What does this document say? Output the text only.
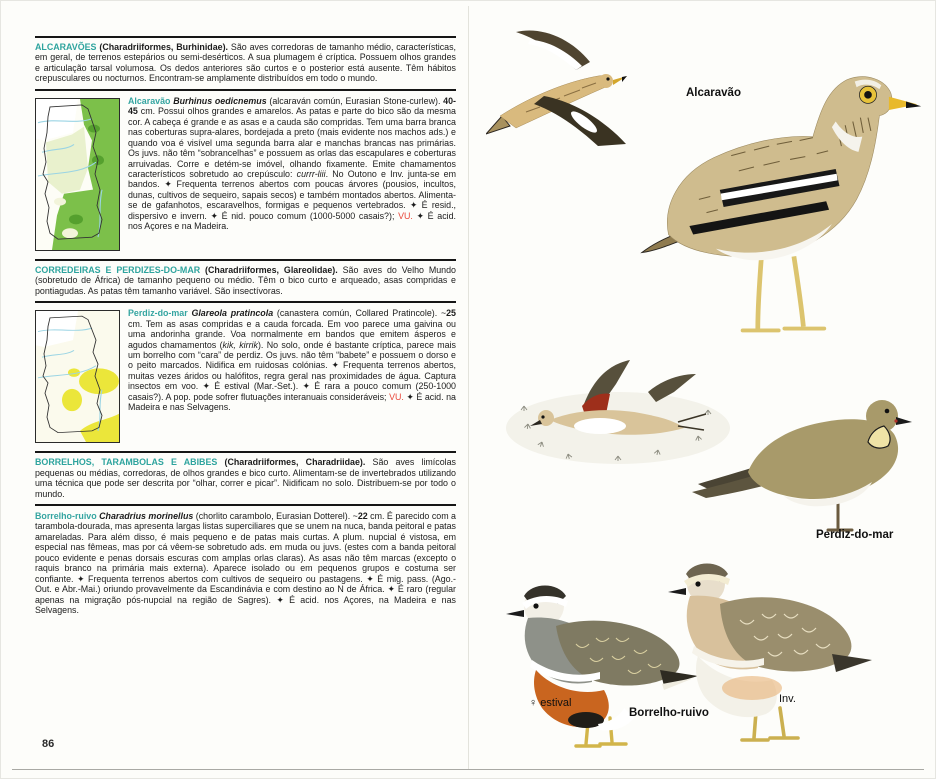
ALCARAVÕES (Charadriiformes, Burhinidae). São aves corredoras de tamanho médio, características, em geral, de terrenos estepários ou semi-desérticos. A sua plumagem é críptica. Possuem olhos grandes e articulação tarsal volumosa. Os dedos anteriores são curtos e o posterior está ausente. Têm hábitos crepusculares ou nocturnos. Encontram-se amplamente distribuídos em todo o mundo.

Alcaravão Burhinus oedicnemus (alcaraván común, Eurasian Stone-curlew). 40-45 cm. Possui olhos grandes e amarelos. As patas e parte do bico são da mesma cor. A cabeça é grande e as asas e a cauda são compridas. Tem uma barra branca nas coberturas supra-alares, bordejada a preto (mais evidente nos machos ads.) e quando voa é visível uma segunda barra alar e manchas brancas nas primárias. Os juvs. não têm “sobrancelhas” e possuem as orlas das escapulares e coberturas arruivadas. Corre e detém-se imóvel, olhando fixamente. Emite chamamentos característicos sobretudo ao crepúsculo: currr-liii. No Outono e Inv. junta-se em bandos. ✦ Frequenta terrenos abertos com poucas árvores (pousios, incultos, dunas, cultivos de sequeiro, sapais secos) e também montados abertos. Alimenta-se de gafanhotos, escaravelhos, formigas e pequenos vertebrados. ✦ É resid., dispersivo e invern. ✦ É nid. pouco comum (1000-5000 casais?); VU. ✦ É acid. nos Açores e na Madeira.

CORREDEIRAS E PERDIZES-DO-MAR (Charadriiformes, Glareolidae). São aves do Velho Mundo (sobretudo de África) de tamanho pequeno ou médio. Têm o bico curto e arqueado, asas compridas e pontiagudas. As patas têm tamanho variável. São insectívoras.

Perdiz-do-mar Glareola pratincola (canastera común, Collared Pratincole). ~25 cm. Tem as asas compridas e a cauda forcada. Em voo parece uma gaivina ou uma andorinha grande. Voa normalmente em bandos que emitem ásperos e agudos chamamentos (kik, kirrik). No solo, onde é bastante críptica, parece mais um borrelho com “cara” de perdiz. Os juvs. não têm “babete” e possuem o dorso e o peito marcados. Nidifica em ruidosas colónias. ✦ Frequenta terrenos abertos, muitas vezes áridos ou halófitos, regra geral nas proximidades de água. Captura insectos em voo. ✦ É estival (Mar.-Set.). ✦ É rara a pouco comum (250-1000 casais?). A pop. pode sofrer flutuações interanuais consideráveis; VU. ✦ É acid. na Madeira e nas Selvagens.

BORRELHOS, TARAMBOLAS E ABIBES (Charadriiformes, Charadriidae). São aves limícolas pequenas ou médias, corredoras, de olhos grandes e bico curto. Alimentam-se de invertebrados utilizando uma técnica que pode ser descrita por “olhar, correr e picar”. Nidificam no solo. Distribuem-se por todo o mundo.

Borrelho-ruivo Charadrius morinellus (chorlito carambolo, Eurasian Dotterel). ~22 cm. É parecido com a tarambola-dourada, mas apresenta largas listas superciliares que se unem na nuca, banda peitoral e patas amareladas. Para além disso, é mais pequeno e de patas mais curtas. A plum. nupcial é vistosa, em especial nas fêmeas, mas por cá vêem-se sobretudo ads. em muda ou juvs. (estes com a banda peitoral pouco evidente e penas dorsais escuras com amplas orlas claras). As asas não têm marcas (excepto o raquis branco na primária mais externa). Aparece isolado ou em pequenos grupos e costuma ser confiante. ✦ Frequenta terrenos abertos com cultivos de sequeiro ou pastagens. ✦ É mig. pass. (Ago.-Out. e Abr.-Mai.) oriundo provavelmente da Escandinávia e com destino ao N de África. ✦ É raro (regular apenas na migração pós-nupcial na região de Sagres). ✦ É acid. nos Açores, na Madeira e nas Selvagens.

86
Alcaravão
Perdiz-do-mar
♀ estival
Borrelho-ruivo
Inv.
